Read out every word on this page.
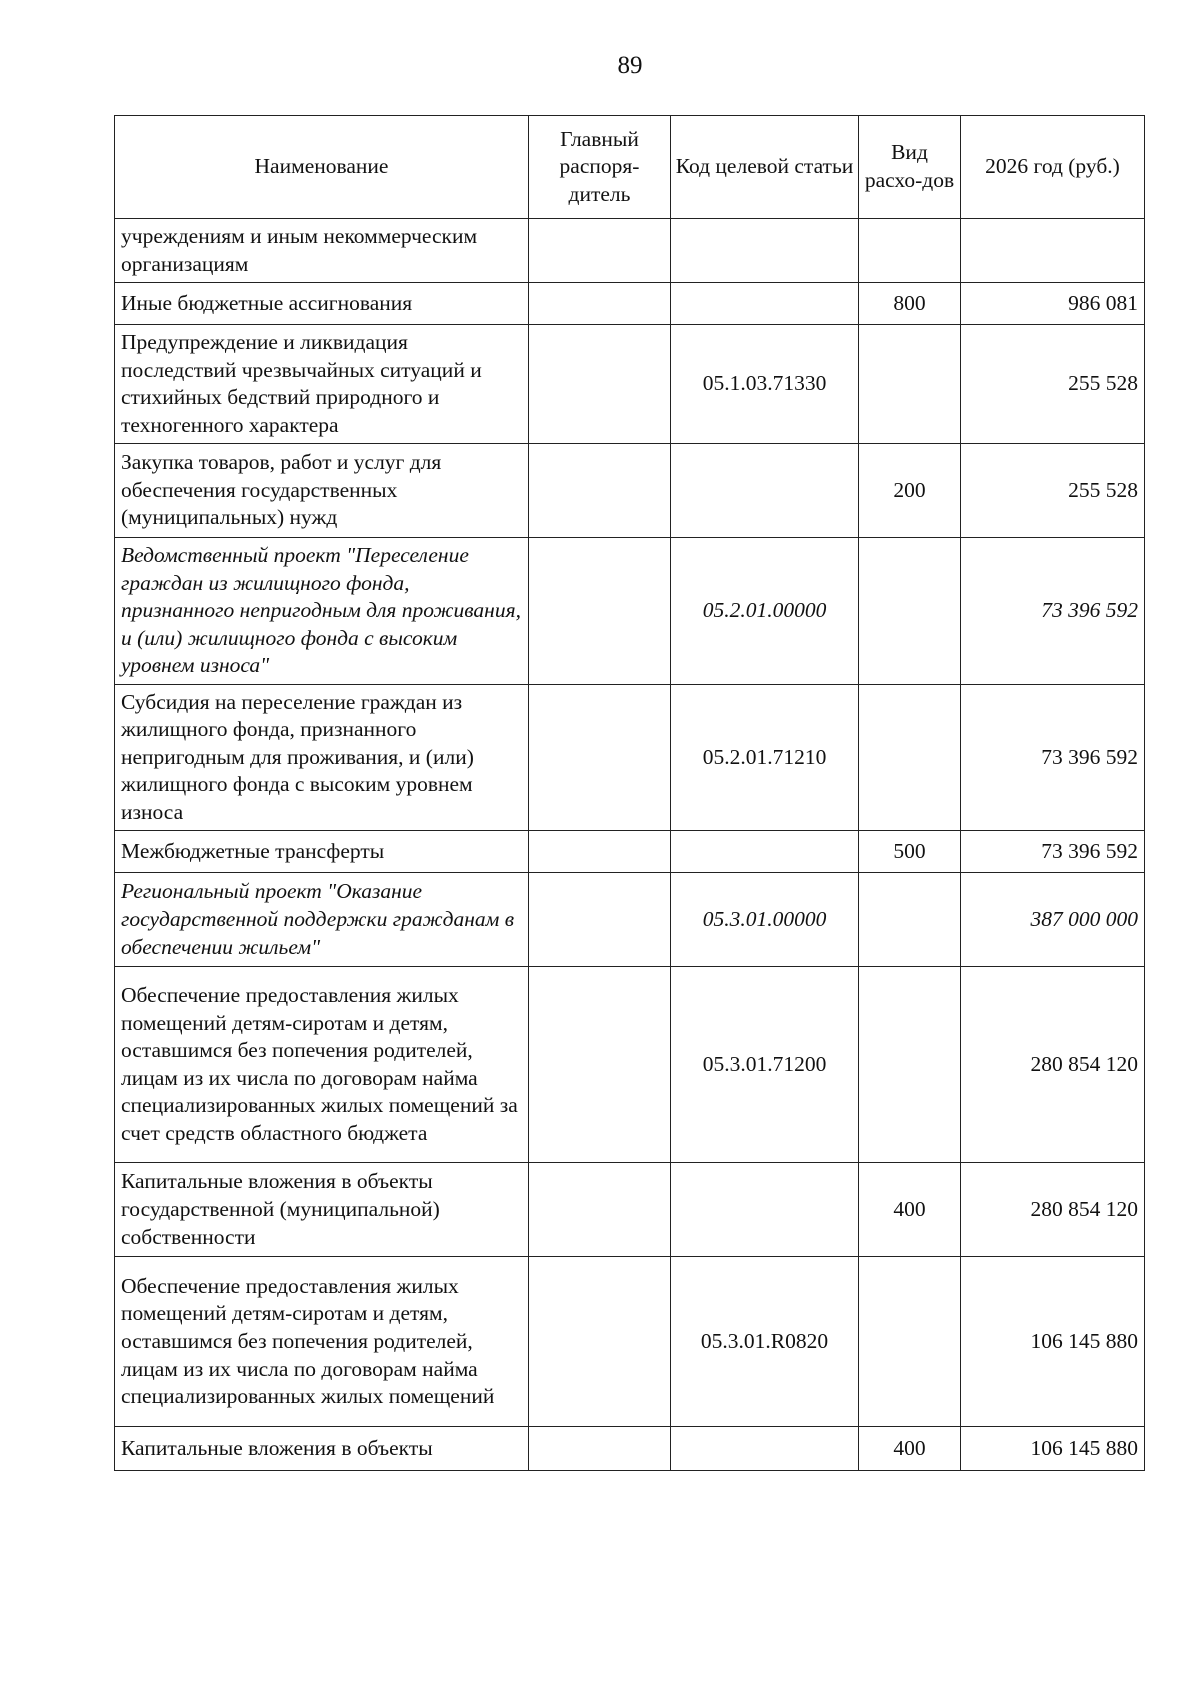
89
Наименование	Главный распоря-дитель	Код целевой статьи	Вид расхо-дов	2026 год (руб.)
учреждениям и иным некоммерческим организациям				
Иные бюджетные ассигнования			800	986 081
Предупреждение и ликвидация последствий чрезвычайных ситуаций и стихийных бедствий природного и техногенного характера		05.1.03.71330		255 528
Закупка товаров, работ и услуг для обеспечения государственных (муниципальных) нужд			200	255 528
Ведомственный проект "Переселение граждан из жилищного фонда, признанного непригодным для проживания, и (или) жилищного фонда с высоким уровнем износа"		05.2.01.00000		73 396 592
Субсидия на переселение граждан из жилищного фонда, признанного непригодным для проживания, и (или) жилищного фонда с высоким уровнем износа		05.2.01.71210		73 396 592
Межбюджетные трансферты			500	73 396 592
Региональный проект "Оказание государственной поддержки гражданам в обеспечении жильем"		05.3.01.00000		387 000 000
Обеспечение предоставления жилых помещений детям-сиротам и детям, оставшимся без попечения родителей, лицам из их числа по договорам найма специализированных жилых помещений за счет средств областного бюджета		05.3.01.71200		280 854 120
Капитальные вложения в объекты государственной (муниципальной) собственности			400	280 854 120
Обеспечение предоставления жилых помещений детям-сиротам и детям, оставшимся без попечения родителей, лицам из их числа по договорам найма специализированных жилых помещений		05.3.01.R0820		106 145 880
Капитальные вложения в объекты			400	106 145 880
